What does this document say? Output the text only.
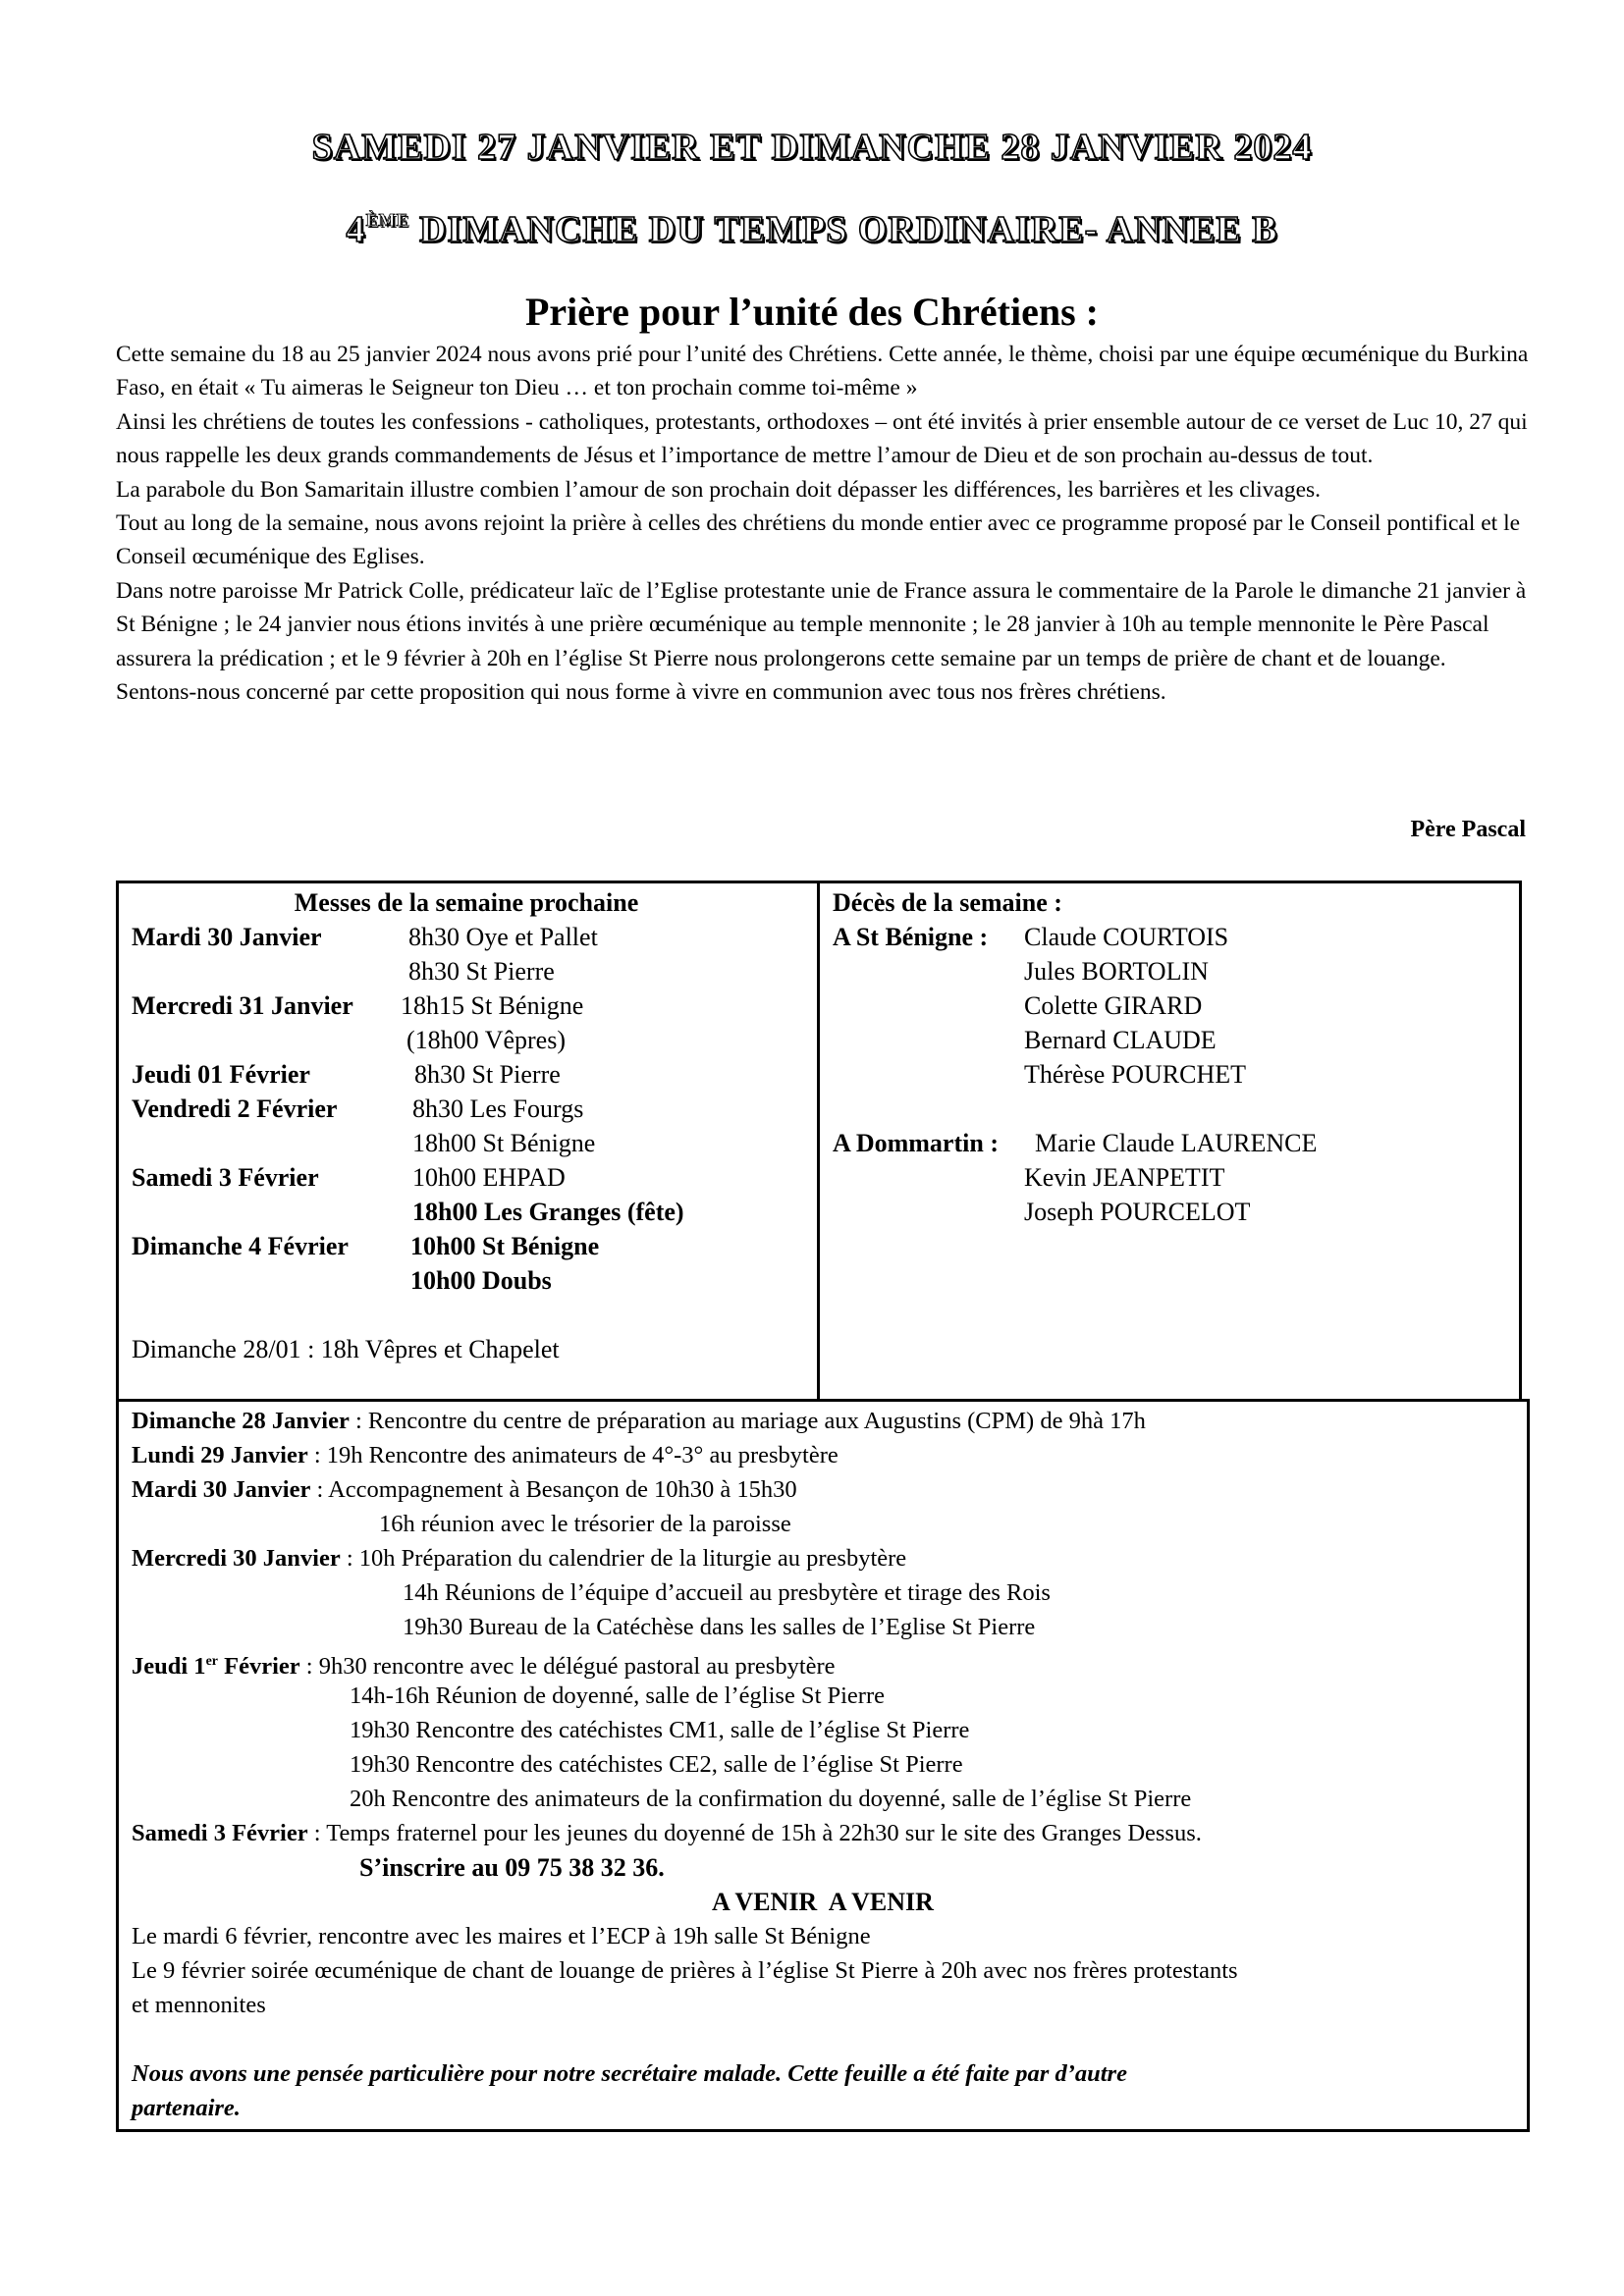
SAMEDI 27 JANVIER ET DIMANCHE 28 JANVIER 2024
4ÈME DIMANCHE DU TEMPS ORDINAIRE- ANNEE B
Prière pour l’unité des Chrétiens :

Cette semaine du 18 au 25 janvier 2024 nous avons prié pour l’unité des Chrétiens. Cette année, le thème, choisi par une équipe œcuménique du Burkina Faso, en était « Tu aimeras le Seigneur ton Dieu … et ton prochain comme toi-même »

Ainsi les chrétiens de toutes les confessions - catholiques, protestants, orthodoxes – ont été invités à prier ensemble autour de ce verset de Luc 10, 27 qui nous rappelle les deux grands commandements de Jésus et l’importance de mettre l’amour de Dieu et de son prochain au-dessus de tout.

La parabole du Bon Samaritain illustre combien l’amour de son prochain doit dépasser les différences, les barrières et les clivages.

Tout au long de la semaine, nous avons rejoint la prière à celles des chrétiens du monde entier avec ce programme proposé par le Conseil pontifical et le Conseil œcuménique des Eglises.

Dans notre paroisse Mr Patrick Colle, prédicateur laïc de l’Eglise protestante unie de France assura le commentaire de la Parole le dimanche 21 janvier à St Bénigne ; le 24 janvier nous étions invités à une prière œcuménique au temple mennonite ; le 28 janvier à 10h au temple mennonite le Père Pascal assurera la prédication ; et le 9 février à 20h en l’église St Pierre nous prolongerons cette semaine par un temps de prière de chant et de louange. Sentons-nous concerné par cette proposition qui nous forme à vivre en communion avec tous nos frères chrétiens.

Père Pascal
Messes de la semaine prochaine
Mardi 30 Janvier	8h30 Oye et Pallet
8h30 St Pierre
Mercredi 31 Janvier 18h15 St Bénigne
(18h00 Vêpres)
Jeudi 01 Février	8h30 St Pierre
Vendredi 2 Février	8h30 Les Fourgs
18h00 St Bénigne
Samedi 3 Février	10h00 EHPAD
18h00 Les Granges (fête)
Dimanche 4 Février 10h00 St Bénigne
10h00 Doubs
Dimanche 28/01 : 18h Vêpres et Chapelet
Décès de la semaine :
A St Bénigne : Claude COURTOIS
Jules BORTOLIN
Colette GIRARD
Bernard CLAUDE
Thérèse POURCHET
A Dommartin : Marie Claude LAURENCE
Kevin JEANPETIT
Joseph POURCELOT
Dimanche 28 Janvier : Rencontre du centre de préparation au mariage aux Augustins (CPM) de 9hà 17h
Lundi 29 Janvier : 19h Rencontre des animateurs de 4°-3° au presbytère
Mardi 30 Janvier : Accompagnement à Besançon de 10h30 à 15h30
16h réunion avec le trésorier de la paroisse
Mercredi 30 Janvier : 10h Préparation du calendrier de la liturgie au presbytère
14h Réunions de l’équipe d’accueil au presbytère et tirage des Rois
19h30 Bureau de la Catéchèse dans les salles de l’Eglise St Pierre
Jeudi 1er Février : 9h30 rencontre avec le délégué pastoral au presbytère
14h-16h Réunion de doyenné, salle de l’église St Pierre
19h30 Rencontre des catéchistes CM1, salle de l’église St Pierre
19h30 Rencontre des catéchistes CE2, salle de l’église St Pierre
20h Rencontre des animateurs de la confirmation du doyenné, salle de l’église St Pierre
Samedi 3 Février : Temps fraternel pour les jeunes du doyenné de 15h à 22h30 sur le site des Granges Dessus.
S’inscrire au 09 75 38 32 36.
A VENIR  A VENIR
Le mardi 6 février, rencontre avec les maires et l’ECP à 19h salle St Bénigne
Le 9 février soirée œcuménique de chant de louange de prières à l’église St Pierre à 20h avec nos frères protestants
et mennonites
Nous avons une pensée particulière pour notre secrétaire malade. Cette feuille a été faite par d’autre
partenaire.
